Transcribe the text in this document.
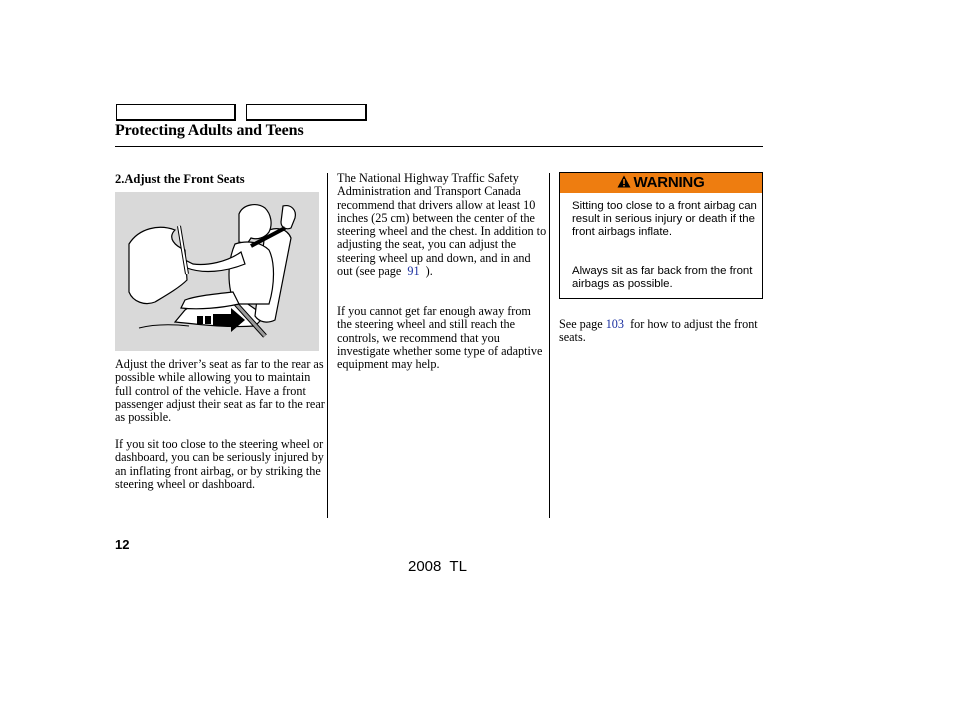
Protecting Adults and Teens
2.Adjust the Front Seats

Adjust the driver’s seat as far to the rear as possible while allowing you to maintain full control of the vehicle. Have a front passenger adjust their seat as far to the rear as possible.

If you sit too close to the steering wheel or dashboard, you can be seriously injured by an inflating front airbag, or by striking the steering wheel or dashboard.

The National Highway Traffic Safety Administration and Transport Canada recommend that drivers allow at least 10 inches (25 cm) between the center of the steering wheel and the chest. In addition to adjusting the seat, you can adjust the steering wheel up and down, and in and out (see page 91 ).

If you cannot get far enough away from the steering wheel and still reach the controls, we recommend that you investigate whether some type of adaptive equipment may help.

WARNING

Sitting too close to a front airbag can result in serious injury or death if the front airbags inflate.

Always sit as far back from the front airbags as possible.

See page 103 for how to adjust the front seats.

12
2008  TL
